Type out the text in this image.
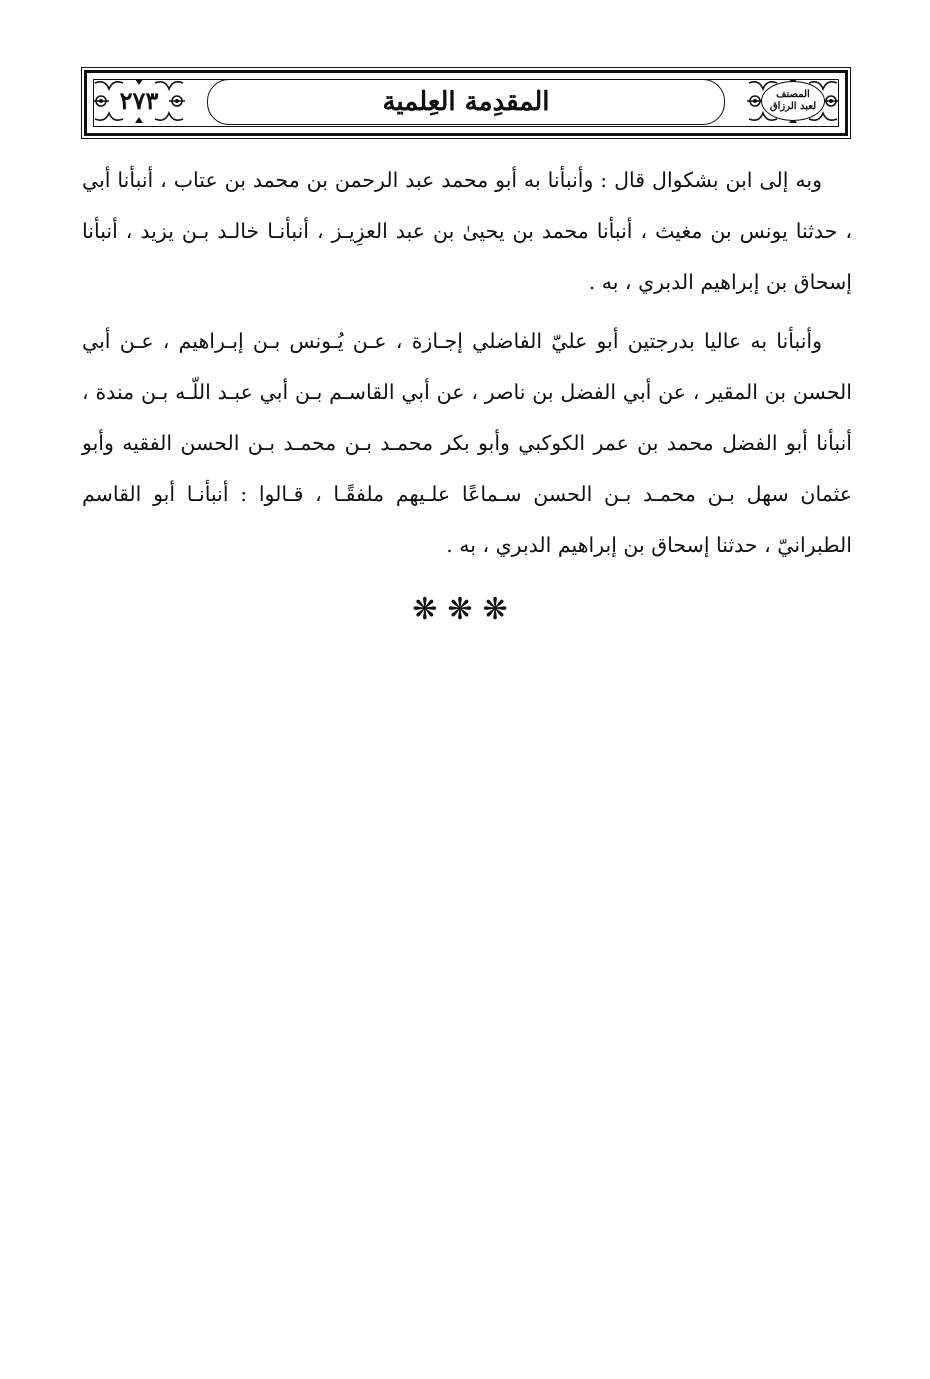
٢٧٣	المقدِمة العِلمية	المصنف
لعبد الرزاق

وبه إلى ابن بشكوال قال : وأنبأنا به أبو محمد عبد الرحمن بن محمد بن عتاب ، أنبأنا أبي ، حدثنا يونس بن مغيث ، أنبأنا محمد بن يحيىٰ بن عبد العزِيـز ، أنبأنـا خالـد بـن يزيد ، أنبأنا إسحاق بن إبراهيم الدبري ، به .

وأنبأنا به عاليا بدرجتين أبو عليّ الفاضلي إجـازة ، عـن يُـونس بـن إبـراهيم ، عـن أبي الحسن بن المقير ، عن أبي الفضل بن ناصر ، عن أبي القاسـم بـن أبي عبـد اللّـه بـن مندة ، أنبأنا أبو الفضل محمد بن عمر الكوكبي وأبو بكر محمـد بـن محمـد بـن الحسن الفقيه وأبو عثمان سهل بـن محمـد بـن الحسن سـماعًا علـيهم ملفقًـا ، قـالوا : أنبأنـا أبو القاسم الطبرانيّ ، حدثنا إسحاق بن إبراهيم الدبري ، به .

❋❋❋
